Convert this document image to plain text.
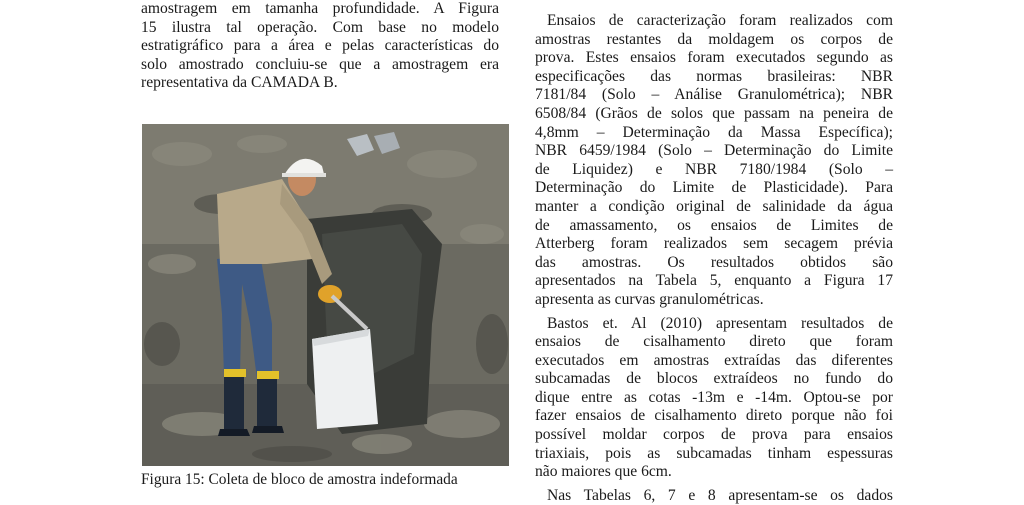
amostragem em tamanha profundidade. A Figura
15 ilustra tal operação. Com base no modelo
estratigráfico para a área e pelas características do
solo amostrado concluiu-se que a amostragem era
representativa da CAMADA B.
Figura 15: Coleta de bloco de amostra indeformada
Ensaios de caracterização foram realizados com
amostras restantes da moldagem os corpos de
prova. Estes ensaios foram executados segundo as
especificações das normas brasileiras: NBR
7181/84 (Solo – Análise Granulométrica); NBR
6508/84 (Grãos de solos que passam na peneira de
4,8mm – Determinação da Massa Específica);
NBR 6459/1984 (Solo – Determinação do Limite
de Liquidez) e NBR 7180/1984 (Solo –
Determinação do Limite de Plasticidade). Para
manter a condição original de salinidade da água
de amassamento, os ensaios de Limites de
Atterberg foram realizados sem secagem prévia
das amostras. Os resultados obtidos são
apresentados na Tabela 5, enquanto a Figura 17
apresenta as curvas granulométricas.
Bastos et. Al (2010) apresentam resultados de
ensaios de cisalhamento direto que foram
executados em amostras extraídas das diferentes
subcamadas de blocos extraídeos no fundo do
dique entre as cotas -13m e -14m. Optou-se por
fazer ensaios de cisalhamento direto porque não foi
possível moldar corpos de prova para ensaios
triaxiais, pois as subcamadas tinham espessuras
não maiores que 6cm.
Nas Tabelas 6, 7 e 8 apresentam-se os dados
